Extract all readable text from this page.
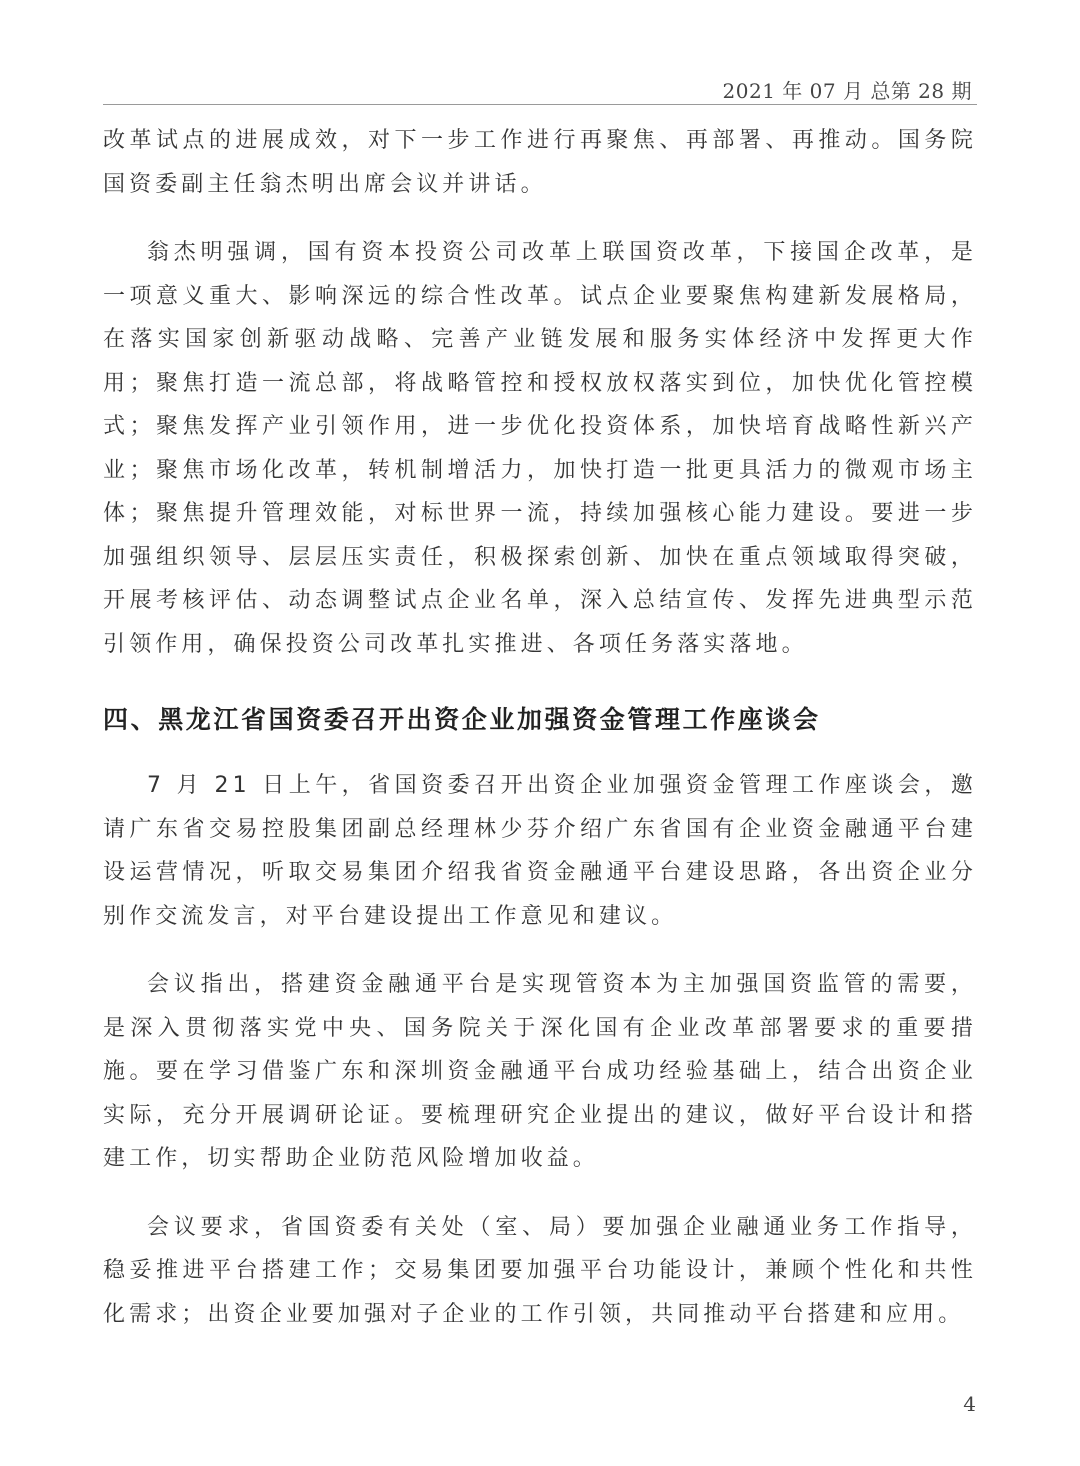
2021 年 07 月 总第 28 期

改革试点的进展成效，对下一步工作进行再聚焦、再部署、再推动。国务院国资委副主任翁杰明出席会议并讲话。

翁杰明强调，国有资本投资公司改革上联国资改革，下接国企改革，是一项意义重大、影响深远的综合性改革。试点企业要聚焦构建新发展格局，在落实国家创新驱动战略、完善产业链发展和服务实体经济中发挥更大作用；聚焦打造一流总部，将战略管控和授权放权落实到位，加快优化管控模式；聚焦发挥产业引领作用，进一步优化投资体系，加快培育战略性新兴产业；聚焦市场化改革，转机制增活力，加快打造一批更具活力的微观市场主体；聚焦提升管理效能，对标世界一流，持续加强核心能力建设。要进一步加强组织领导、层层压实责任，积极探索创新、加快在重点领域取得突破，开展考核评估、动态调整试点企业名单，深入总结宣传、发挥先进典型示范引领作用，确保投资公司改革扎实推进、各项任务落实落地。

四、黑龙江省国资委召开出资企业加强资金管理工作座谈会

7 月 21 日上午，省国资委召开出资企业加强资金管理工作座谈会，邀请广东省交易控股集团副总经理林少芬介绍广东省国有企业资金融通平台建设运营情况，听取交易集团介绍我省资金融通平台建设思路，各出资企业分别作交流发言，对平台建设提出工作意见和建议。

会议指出，搭建资金融通平台是实现管资本为主加强国资监管的需要，是深入贯彻落实党中央、国务院关于深化国有企业改革部署要求的重要措施。要在学习借鉴广东和深圳资金融通平台成功经验基础上，结合出资企业实际，充分开展调研论证。要梳理研究企业提出的建议，做好平台设计和搭建工作，切实帮助企业防范风险增加收益。

会议要求，省国资委有关处（室、局）要加强企业融通业务工作指导，稳妥推进平台搭建工作；交易集团要加强平台功能设计，兼顾个性化和共性化需求；出资企业要加强对子企业的工作引领，共同推动平台搭建和应用。

4
